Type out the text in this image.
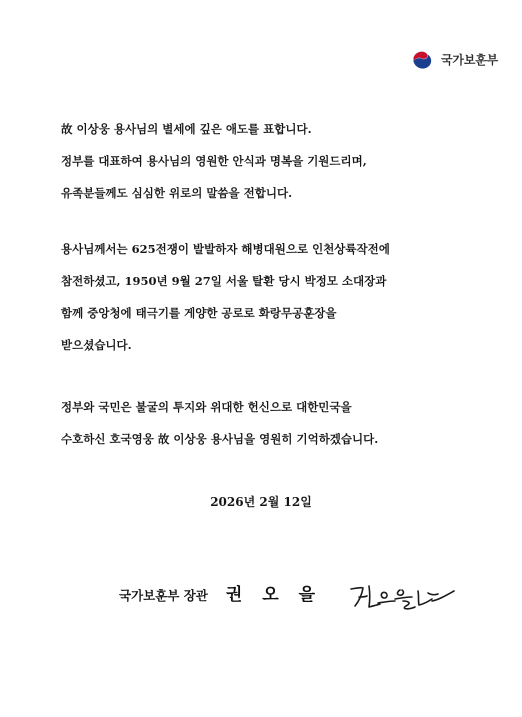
국가보훈부
故 이상웅 용사님의 별세에 깊은 애도를 표합니다.
정부를 대표하여 용사님의 영원한 안식과 명복을 기원드리며,
유족분들께도 심심한 위로의 말씀을 전합니다.
용사님께서는 625전쟁이 발발하자 해병대원으로 인천상륙작전에
참전하셨고, 1950년 9월 27일 서울 탈환 당시 박정모 소대장과
함께 중앙청에 태극기를 게양한 공로로 화랑무공훈장을
받으셨습니다.
정부와 국민은 불굴의 투지와 위대한 헌신으로 대한민국을
수호하신 호국영웅 故 이상웅 용사님을 영원히 기억하겠습니다.
2026년 2월 12일
국가보훈부 장관 권 오 을
